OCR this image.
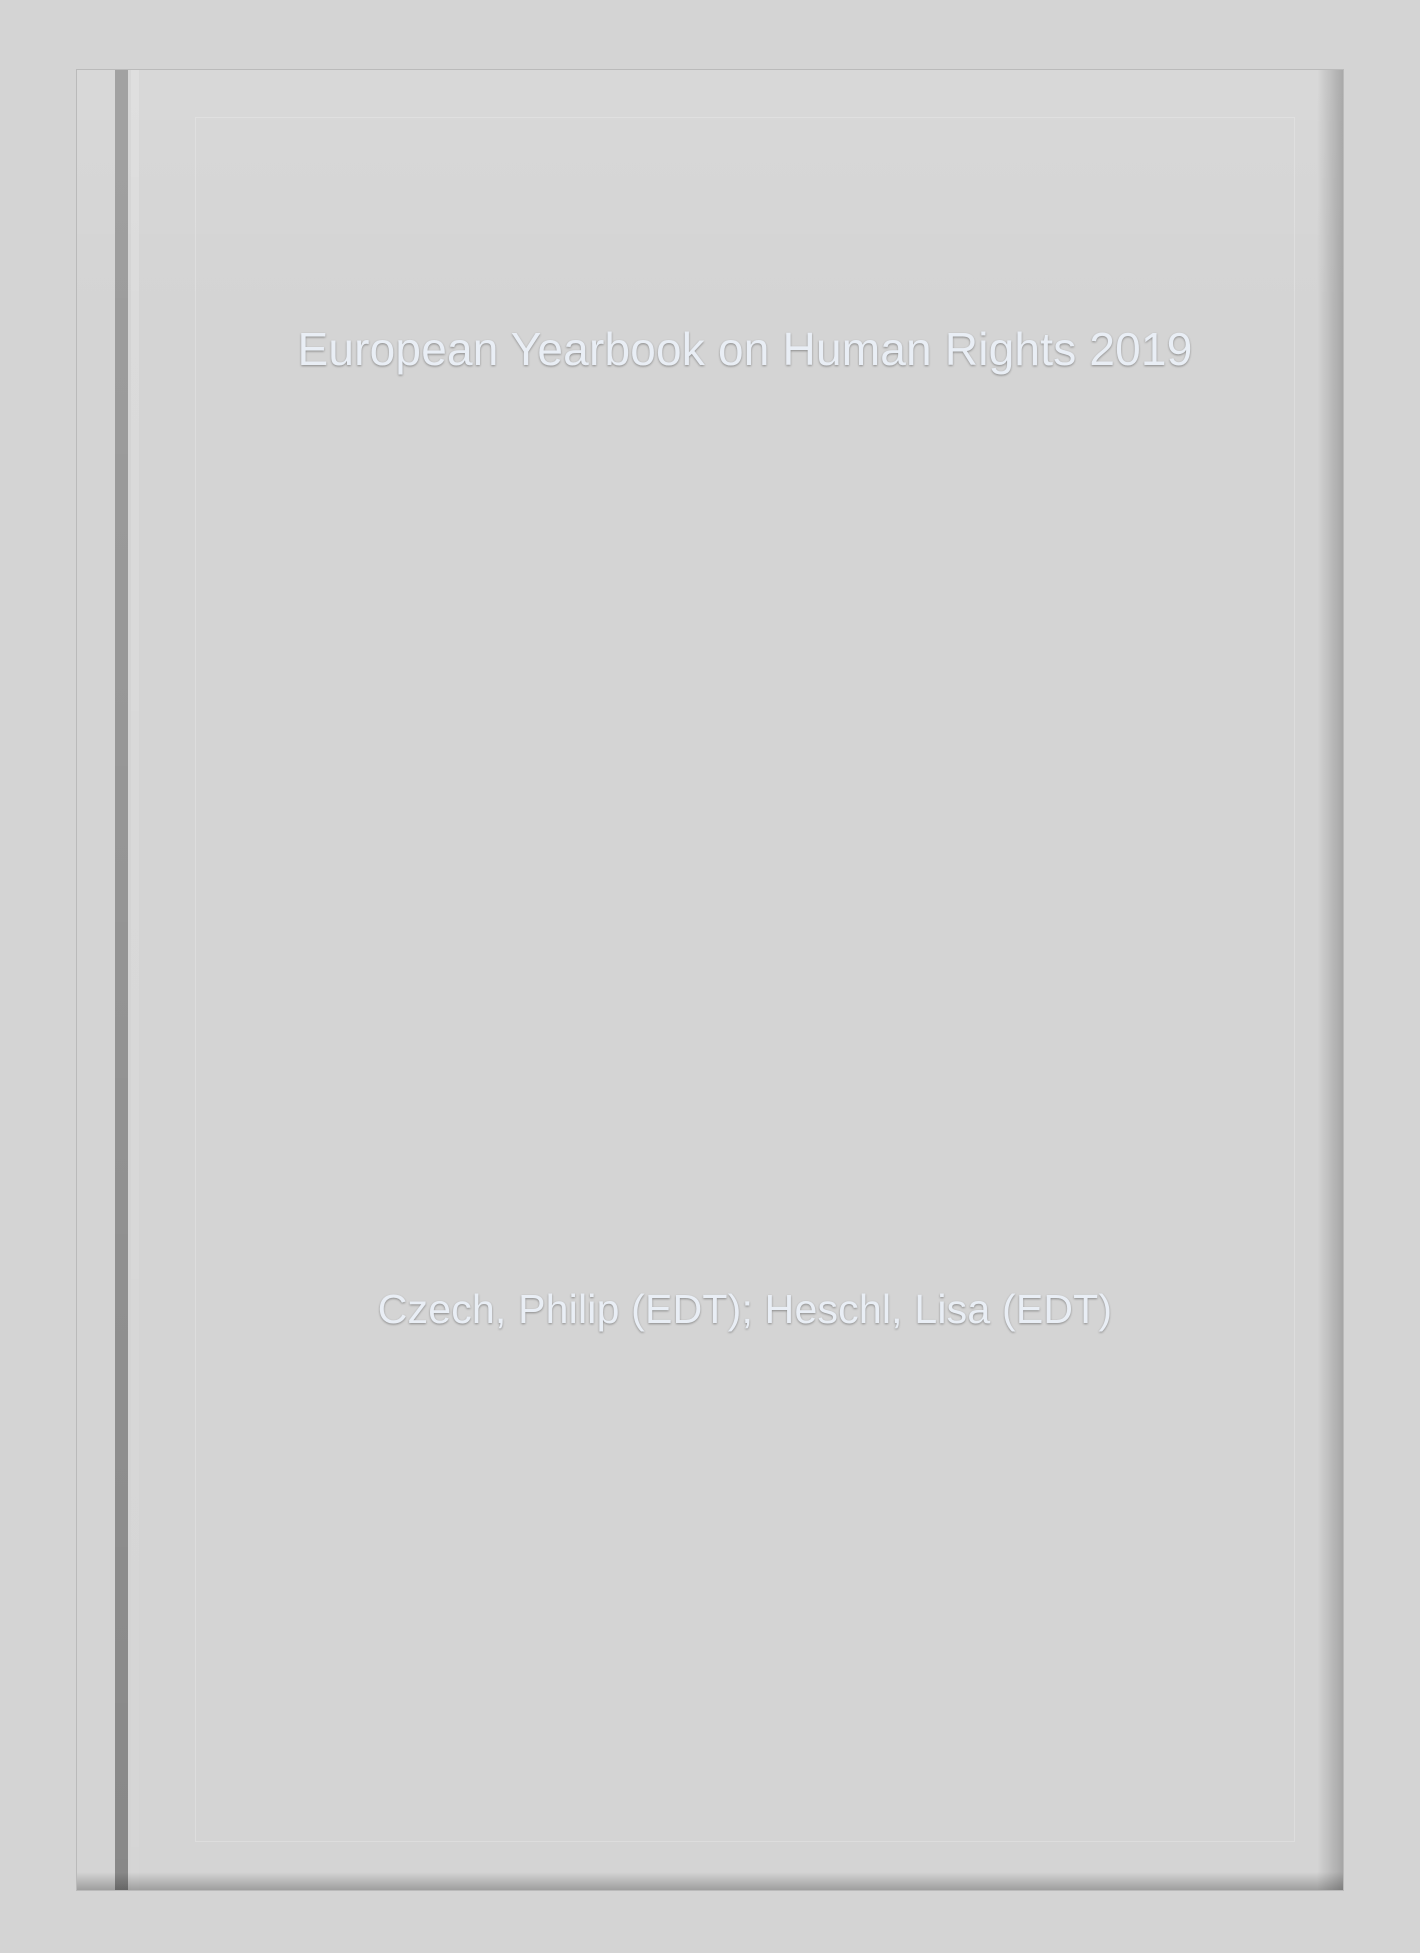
European Yearbook on Human Rights 2019
Czech, Philip (EDT); Heschl, Lisa (EDT)
